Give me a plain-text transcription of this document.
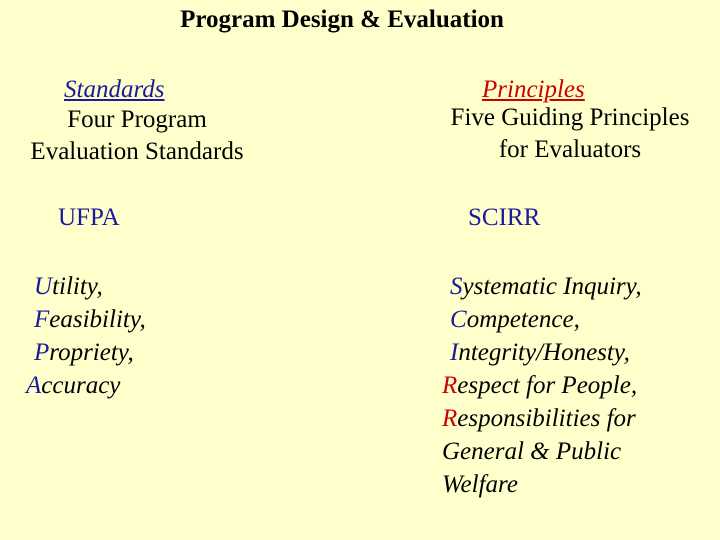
Program Design & Evaluation
Standards
Four Program
Evaluation Standards
UFPA
Utility,
Feasibility,
Propriety,
Accuracy
Principles
Five Guiding Principles
for Evaluators
SCIRR
Systematic Inquiry,
Competence,
Integrity/Honesty,
Respect for People,
Responsibilities for
General & Public
Welfare
